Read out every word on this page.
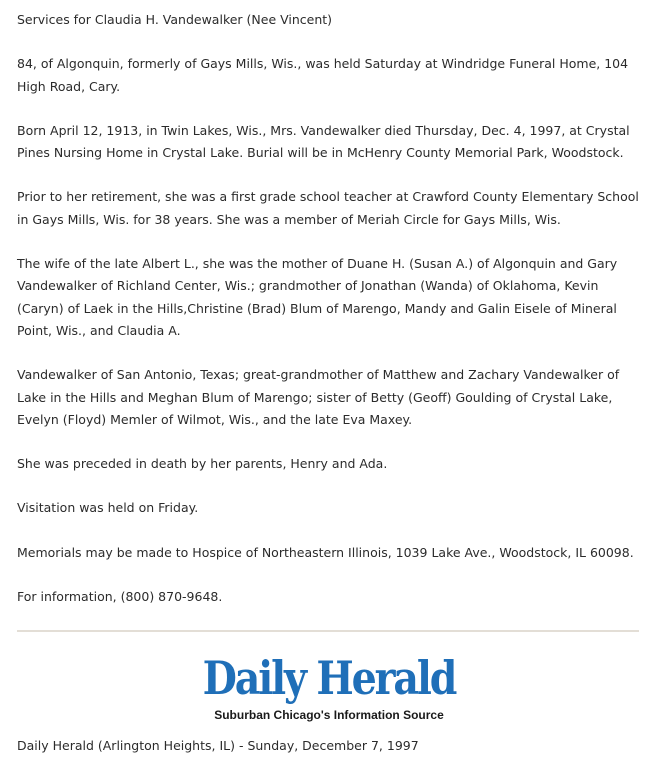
Services for Claudia H. Vandewalker (Nee Vincent)

84, of Algonquin, formerly of Gays Mills, Wis., was held Saturday at Windridge Funeral Home, 104 High Road, Cary.

Born April 12, 1913, in Twin Lakes, Wis., Mrs. Vandewalker died Thursday, Dec. 4, 1997, at Crystal Pines Nursing Home in Crystal Lake. Burial will be in McHenry County Memorial Park, Woodstock.

Prior to her retirement, she was a first grade school teacher at Crawford County Elementary School in Gays Mills, Wis. for 38 years. She was a member of Meriah Circle for Gays Mills, Wis.

The wife of the late Albert L., she was the mother of Duane H. (Susan A.) of Algonquin and Gary Vandewalker of Richland Center, Wis.; grandmother of Jonathan (Wanda) of Oklahoma, Kevin (Caryn) of Laek in the Hills,Christine (Brad) Blum of Marengo, Mandy and Galin Eisele of Mineral Point, Wis., and Claudia A.

Vandewalker of San Antonio, Texas; great-grandmother of Matthew and Zachary Vandewalker of Lake in the Hills and Meghan Blum of Marengo; sister of Betty (Geoff) Goulding of Crystal Lake, Evelyn (Floyd) Memler of Wilmot, Wis., and the late Eva Maxey.

She was preceded in death by her parents, Henry and Ada.

Visitation was held on Friday.

Memorials may be made to Hospice of Northeastern Illinois, 1039 Lake Ave., Woodstock, IL 60098.

For information, (800) 870-9648.

Daily Herald
Suburban Chicago's Information Source
Daily Herald (Arlington Heights, IL) - Sunday, December 7, 1997
